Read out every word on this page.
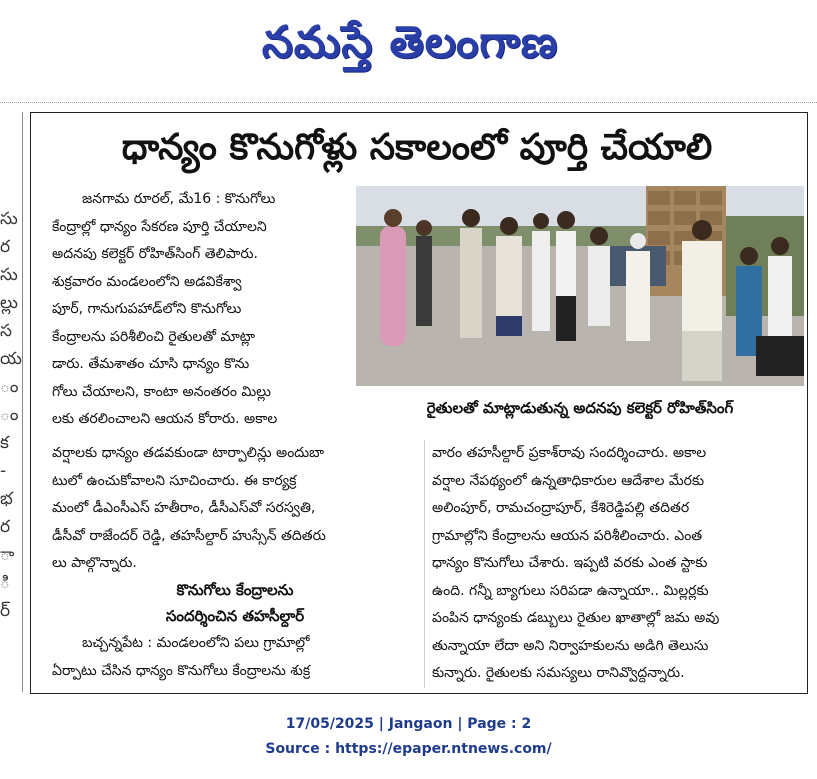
నమస్తే తెలంగాణ
సు
ర
సు
ల్లు
స
య
ం
ం
క
-
భ
ర
ా
ి
ర్
ధాన్యం కొనుగోళ్లు సకాలంలో పూర్తి చేయాలి
రైతులతో మాట్లాడుతున్న అదనపు కలెక్టర్ రోహిత్‌సింగ్
జనగామ రూరల్, మే16 : కొనుగోలు
కేంద్రాల్లో ధాన్యం సేకరణ పూర్తి చేయాలని
అదనపు కలెక్టర్ రోహిత్‌సింగ్ తెలిపారు.
శుక్రవారం మండలంలోని అడవికేశ్వా
పూర్, గానుగుపహాడ్‌లోని కొనుగోలు
కేంద్రాలను పరిశీలించి రైతులతో మాట్లా
డారు. తేమశాతం చూసి ధాన్యం కొను
గోలు చేయాలని, కాంటా అనంతరం మిల్లు
లకు తరలించాలని ఆయన కోరారు. అకాల
వర్షాలకు ధాన్యం తడవకుండా టార్పాలిన్లు అందుబా
టులో ఉంచుకోవాలని సూచించారు. ఈ కార్యక్ర
మంలో డీఎంసీఎస్ హతీరాం, డీసీఎస్‌వో సరస్వతి,
డీసీవో రాజేందర్ రెడ్డి, తహసీల్దార్ హుస్సేన్ తదితరు
లు పాల్గొన్నారు.
కొనుగోలు కేంద్రాలను
సందర్శించిన తహసీల్దార్
బచ్చన్నపేట : మండలంలోని పలు గ్రామాల్లో
ఏర్పాటు చేసిన ధాన్యం కొనుగోలు కేంద్రాలను శుక్ర
వారం తహసీల్దార్ ప్రకాశ్‌రావు సందర్శించారు. అకాల
వర్షాల నేపథ్యంలో ఉన్నతాధికారుల ఆదేశాల మేరకు
అలింపూర్, రామచంద్రాపూర్, కేశిరెడ్డిపల్లి తదితర
గ్రామాల్లోని కేంద్రాలను ఆయన పరిశీలించారు. ఎంత
ధాన్యం కొనుగోలు చేశారు. ఇప్పటి వరకు ఎంత స్టాకు
ఉంది. గన్నీ బ్యాగులు సరిపడా ఉన్నాయా.. మిల్లర్లకు
పంపిన ధాన్యంకు డబ్బులు రైతుల ఖాతాల్లో జమ అవు
తున్నాయా లేదా అని నిర్వాహకులను అడిగి తెలుసు
కున్నారు. రైతులకు సమస్యలు రానివ్వొద్దన్నారు.
17/05/2025 | Jangaon | Page : 2
Source : https://epaper.ntnews.com/
